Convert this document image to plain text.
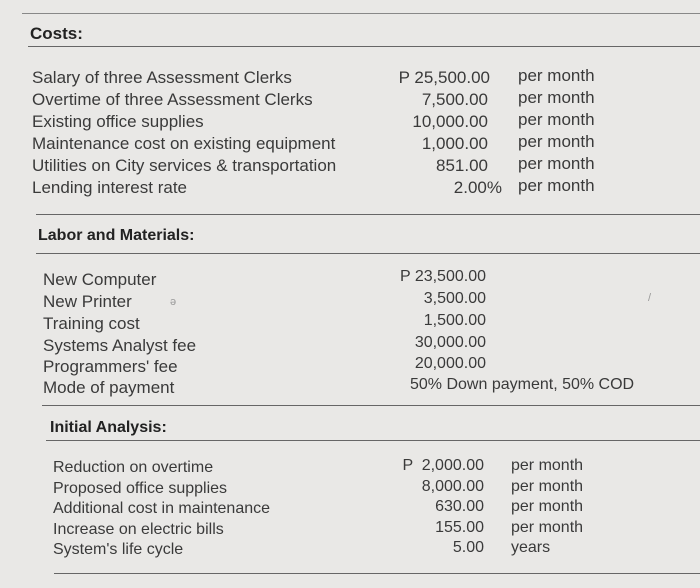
Costs:
Salary of three Assessment Clerks
Overtime of three Assessment Clerks
Existing office supplies
Maintenance cost on existing equipment
Utilities on City services & transportation
Lending interest rate
P 25,500.00
7,500.00
10,000.00
1,000.00
851.00
2.00%
per month
per month
per month
per month
per month
per month
Labor and Materials:
New Computer
New Printer
Training cost
Systems Analyst fee
Programmers' fee
Mode of payment
P 23,500.00
3,500.00
1,500.00
30,000.00
20,000.00
50% Down payment, 50% COD
ə	/
Initial Analysis:
Reduction on overtime
Proposed office supplies
Additional cost in maintenance
Increase on electric bills
System's life cycle
P  2,000.00
8,000.00
630.00
155.00
5.00
per month
per month
per month
per month
years
